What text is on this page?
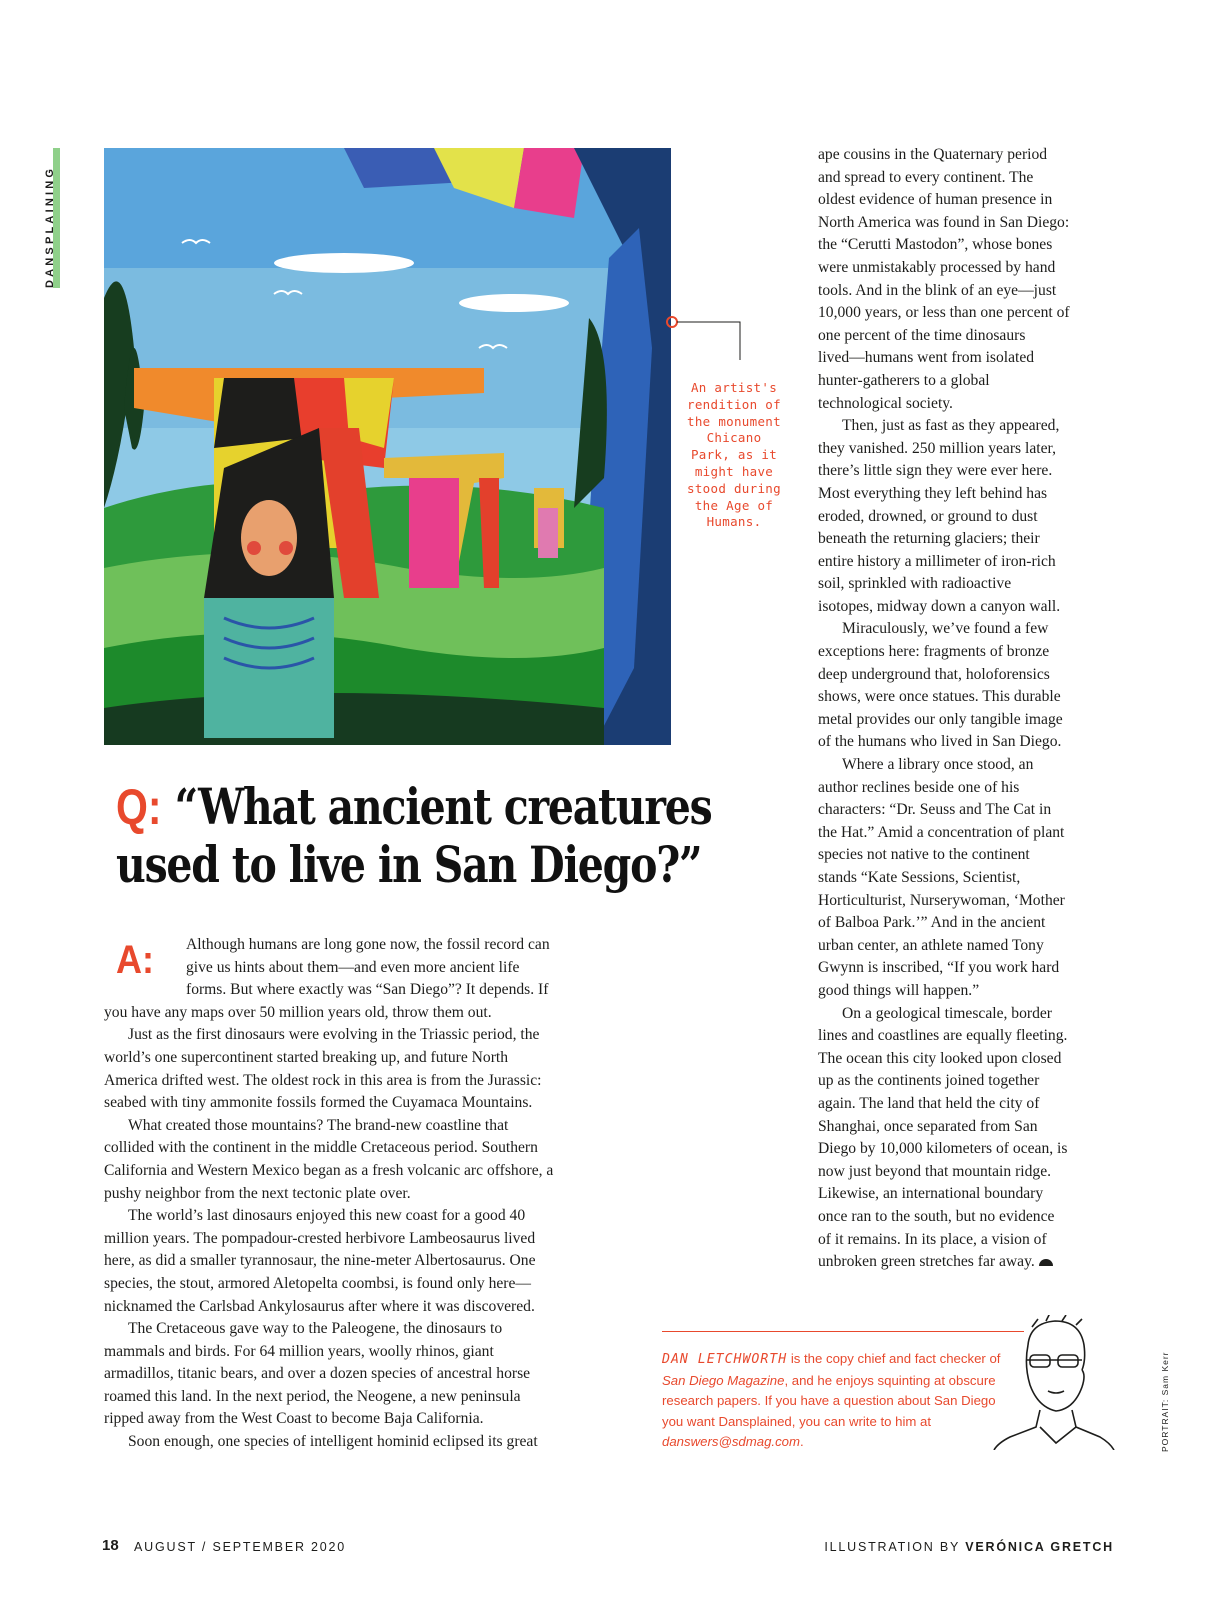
DANSPLAINING
An artist's rendition of the monument Chicano Park, as it might have stood during the Age of Humans.
Q: “What ancient creatures
used to live in San Diego?”
A:	Although humans are long gone now, the fossil record can
give us hints about them—and even more ancient life
forms. But where exactly was “San Diego”? It depends. If
you have any maps over 50 million years old, throw them out.

Just as the first dinosaurs were evolving in the Triassic period, the
world’s one supercontinent started breaking up, and future North
America drifted west. The oldest rock in this area is from the Jurassic:
seabed with tiny ammonite fossils formed the Cuyamaca Mountains.

What created those mountains? The brand-new coastline that
collided with the continent in the middle Cretaceous period. Southern
California and Western Mexico began as a fresh volcanic arc offshore, a
pushy neighbor from the next tectonic plate over.

The world’s last dinosaurs enjoyed this new coast for a good 40
million years. The pompadour-crested herbivore Lambeosaurus lived
here, as did a smaller tyrannosaur, the nine-meter Albertosaurus. One
species, the stout, armored Aletopelta coombsi, is found only here—
nicknamed the Carlsbad Ankylosaurus after where it was discovered.

The Cretaceous gave way to the Paleogene, the dinosaurs to
mammals and birds. For 64 million years, woolly rhinos, giant
armadillos, titanic bears, and over a dozen species of ancestral horse
roamed this land. In the next period, the Neogene, a new peninsula
ripped away from the West Coast to become Baja California.

Soon enough, one species of intelligent hominid eclipsed its great

ape cousins in the Quaternary period
and spread to every continent. The
oldest evidence of human presence in
North America was found in San Diego:
the “Cerutti Mastodon”, whose bones
were unmistakably processed by hand
tools. And in the blink of an eye—just
10,000 years, or less than one percent of
one percent of the time dinosaurs
lived—humans went from isolated
hunter-gatherers to a global
technological society.

Then, just as fast as they appeared,
they vanished. 250 million years later,
there’s little sign they were ever here.
Most everything they left behind has
eroded, drowned, or ground to dust
beneath the returning glaciers; their
entire history a millimeter of iron-rich
soil, sprinkled with radioactive
isotopes, midway down a canyon wall.

Miraculously, we’ve found a few
exceptions here: fragments of bronze
deep underground that, holoforensics
shows, were once statues. This durable
metal provides our only tangible image
of the humans who lived in San Diego.

Where a library once stood, an
author reclines beside one of his
characters: “Dr. Seuss and The Cat in
the Hat.” Amid a concentration of plant
species not native to the continent
stands “Kate Sessions, Scientist,
Horticulturist, Nurserywoman, ‘Mother
of Balboa Park.’” And in the ancient
urban center, an athlete named Tony
Gwynn is inscribed, “If you work hard
good things will happen.”

On a geological timescale, border
lines and coastlines are equally fleeting.
The ocean this city looked upon closed
up as the continents joined together
again. The land that held the city of
Shanghai, once separated from San
Diego by 10,000 kilometers of ocean, is
now just beyond that mountain ridge.
Likewise, an international boundary
once ran to the south, but no evidence
of it remains. In its place, a vision of
unbroken green stretches far away.

DAN LETCHWORTH is the copy chief and fact checker of San Diego Magazine, and he enjoys squinting at obscure research papers. If you have a question about San Diego you want Dansplained, you can write to him at danswers@sdmag.com.	PORTRAIT: Sam Kerr
18 AUGUST / SEPTEMBER 2020	ILLUSTRATION BY VERÓNICA GRETCH
